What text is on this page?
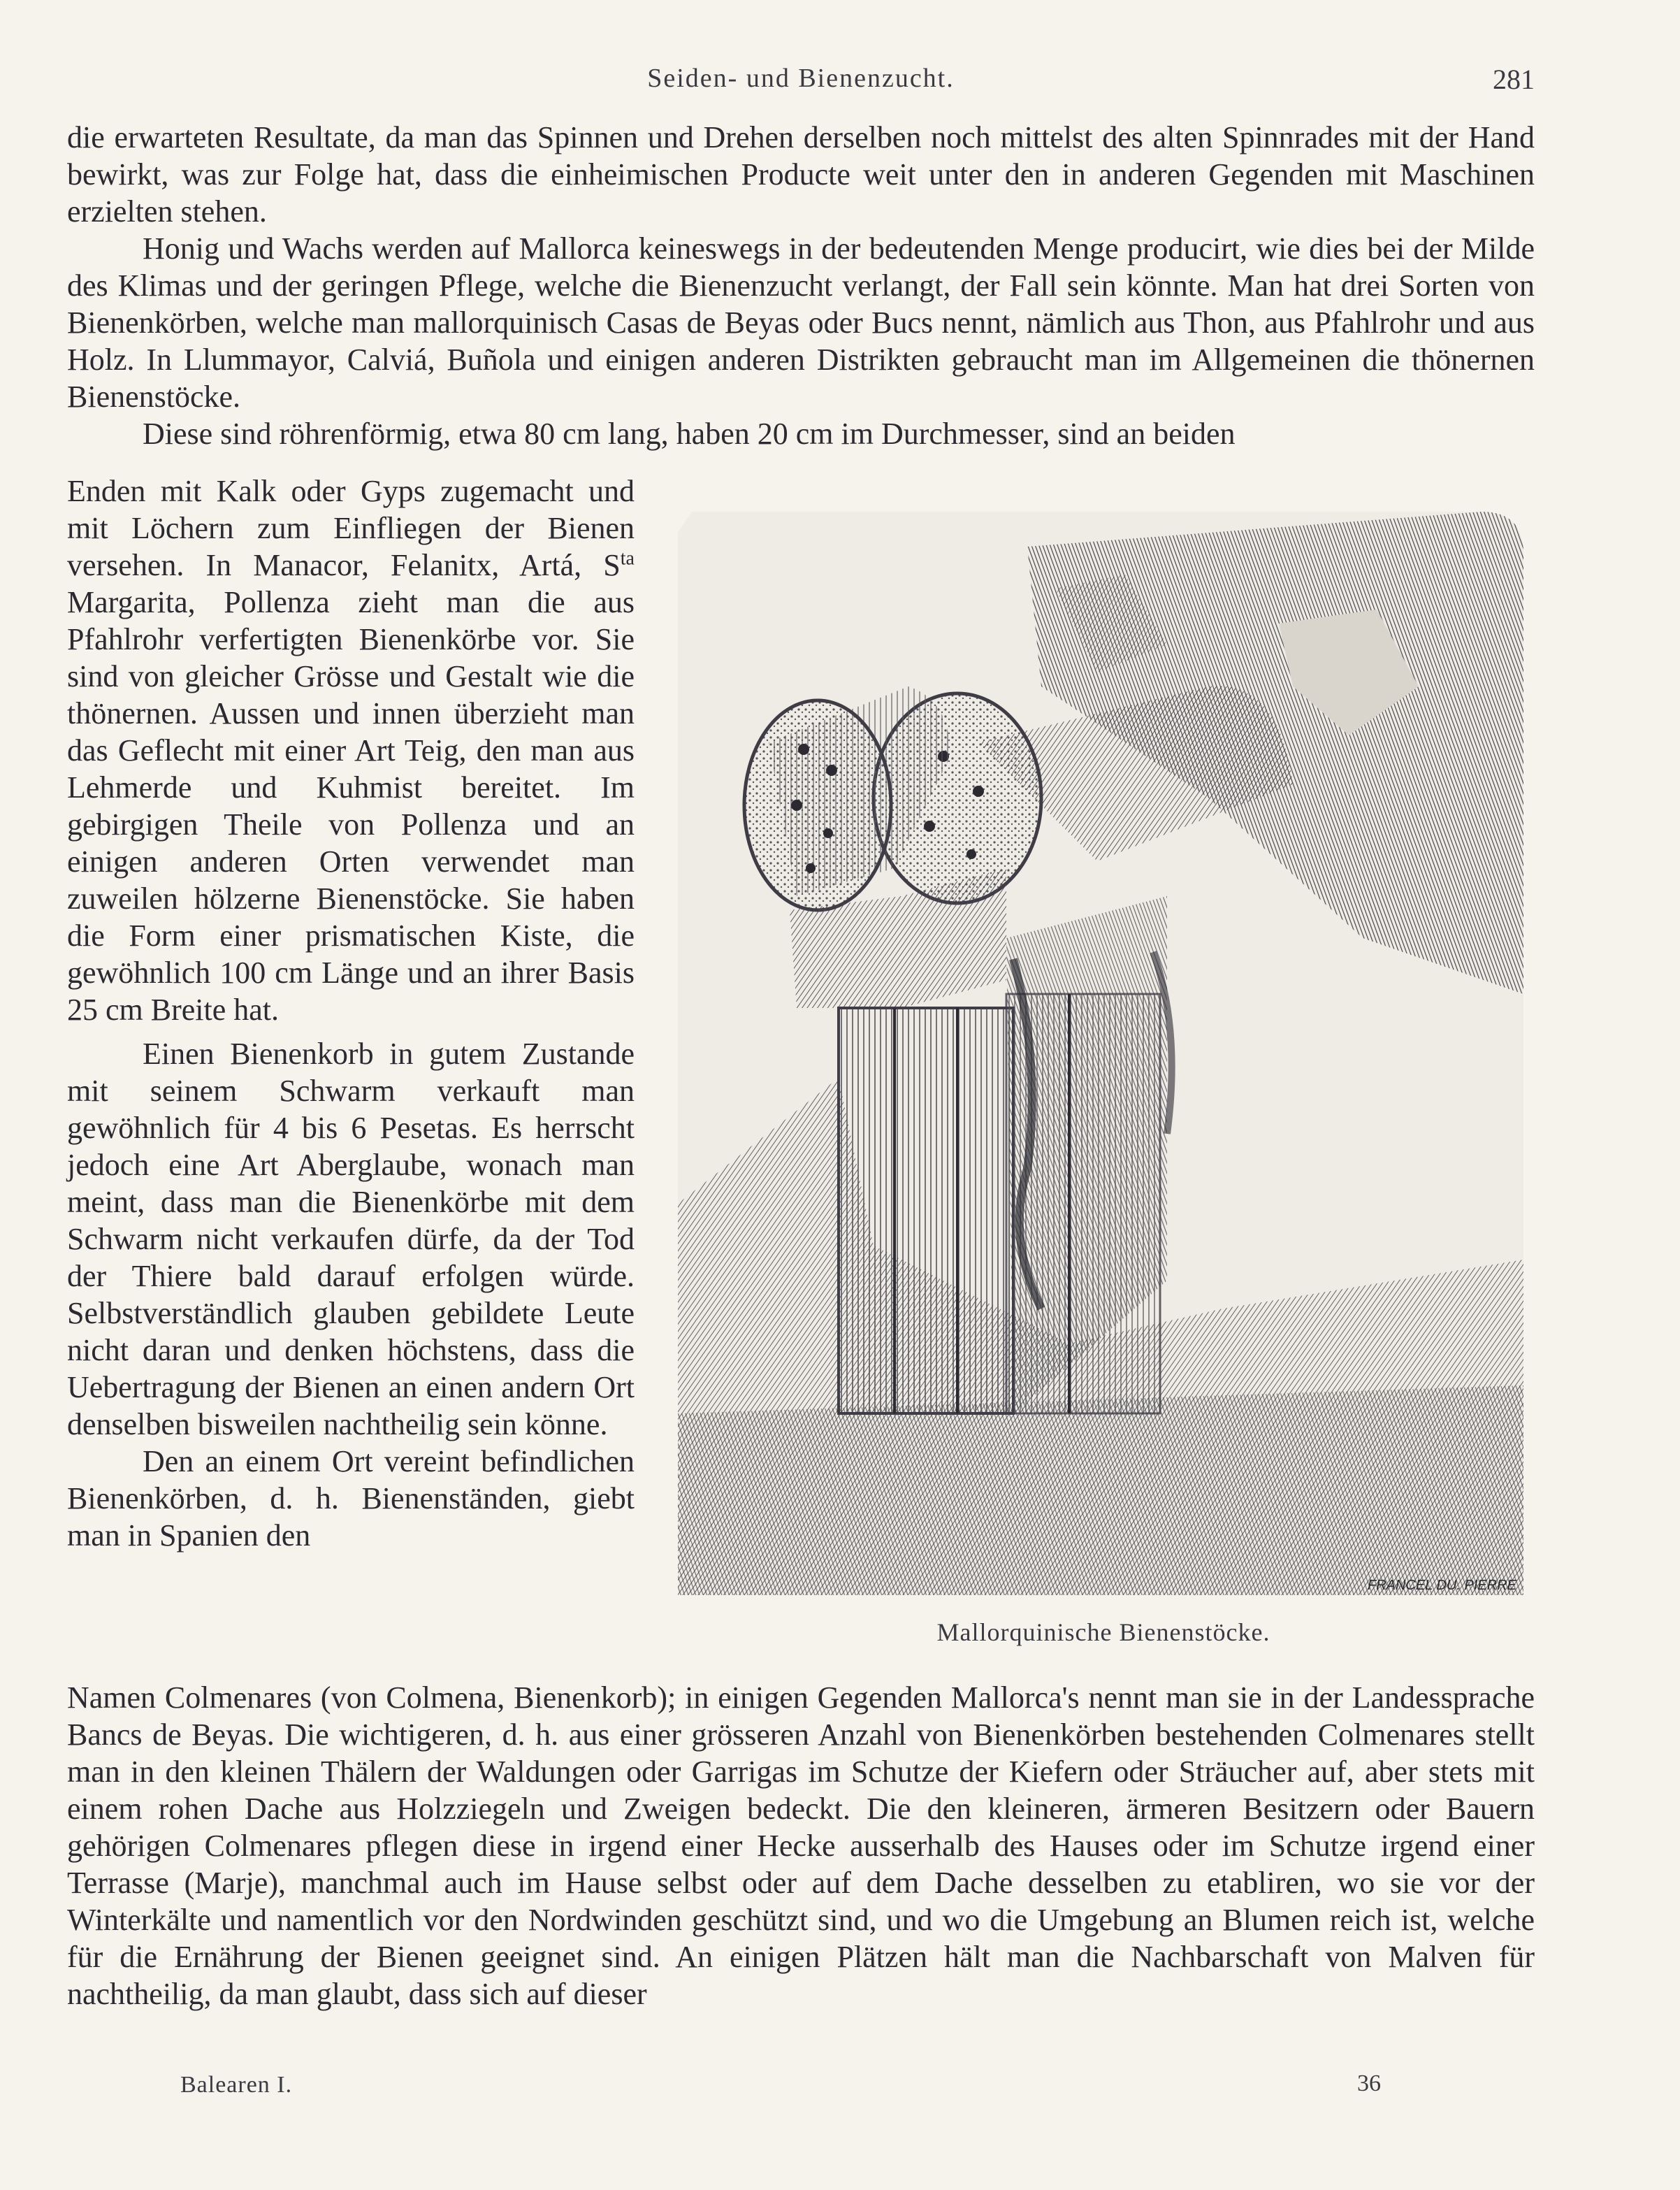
Seiden- und Bienenzucht.	281

die erwarteten Resultate, da man das Spinnen und Drehen derselben noch mittelst des alten Spinnrades mit der Hand bewirkt, was zur Folge hat, dass die einheimischen Producte weit unter den in anderen Gegenden mit Maschinen erzielten stehen.

Honig und Wachs werden auf Mallorca keineswegs in der bedeutenden Menge producirt, wie dies bei der Milde des Klimas und der geringen Pflege, welche die Bienenzucht verlangt, der Fall sein könnte. Man hat drei Sorten von Bienenkörben, welche man mallorquinisch Casas de Beyas oder Bucs nennt, nämlich aus Thon, aus Pfahlrohr und aus Holz. In Llummayor, Calviá, Buñola und einigen anderen Distrikten gebraucht man im Allgemeinen die thönernen Bienenstöcke.

Diese sind röhrenförmig, etwa 80 cm lang, haben 20 cm im Durchmesser, sind an beiden

Enden mit Kalk oder Gyps zugemacht und mit Löchern zum Einfliegen der Bienen versehen. In Manacor, Felanitx, Artá, $S^{ta}$ Margarita, Pollenza zieht man die aus Pfahlrohr verfertigten Bienenkörbe vor. Sie sind von gleicher Grösse und Gestalt wie die thönernen. Aussen und innen überzieht man das Geflecht mit einer Art Teig, den man aus Lehmerde und Kuhmist bereitet. Im gebirgigen Theile von Pollenza und an einigen anderen Orten verwendet man zuweilen hölzerne Bienenstöcke. Sie haben die Form einer prismatischen Kiste, die gewöhnlich 100 cm Länge und an ihrer Basis 25 cm Breite hat.

Einen Bienenkorb in gutem Zustande mit seinem Schwarm verkauft man gewöhnlich für 4 bis 6 Pesetas. Es herrscht jedoch eine Art Aberglaube, wonach man meint, dass man die Bienenkörbe mit dem Schwarm nicht verkaufen dürfe, da der Tod der Thiere bald darauf erfolgen würde. Selbstverständlich glauben gebildete Leute nicht daran und denken höchstens, dass die Uebertragung der Bienen an einen andern Ort denselben bisweilen nachtheilig sein könne.

Den an einem Ort vereint befindlichen Bienenkörben, d. h. Bienenständen, giebt man in Spanien den

FRANCEL DU. PIERRE
Mallorquinische Bienenstöcke.

Namen Colmenares (von Colmena, Bienenkorb); in einigen Gegenden Mallorca's nennt man sie in der Landessprache Bancs de Beyas. Die wichtigeren, d. h. aus einer grösseren Anzahl von Bienenkörben bestehenden Colmenares stellt man in den kleinen Thälern der Waldungen oder Garrigas im Schutze der Kiefern oder Sträucher auf, aber stets mit einem rohen Dache aus Holzziegeln und Zweigen bedeckt. Die den kleineren, ärmeren Besitzern oder Bauern gehörigen Colmenares pflegen diese in irgend einer Hecke ausserhalb des Hauses oder im Schutze irgend einer Terrasse (Marje), manchmal auch im Hause selbst oder auf dem Dache desselben zu etabliren, wo sie vor der Winterkälte und namentlich vor den Nordwinden geschützt sind, und wo die Umgebung an Blumen reich ist, welche für die Ernährung der Bienen geeignet sind. An einigen Plätzen hält man die Nachbarschaft von Malven für nachtheilig, da man glaubt, dass sich auf dieser

Balearen I.	36
